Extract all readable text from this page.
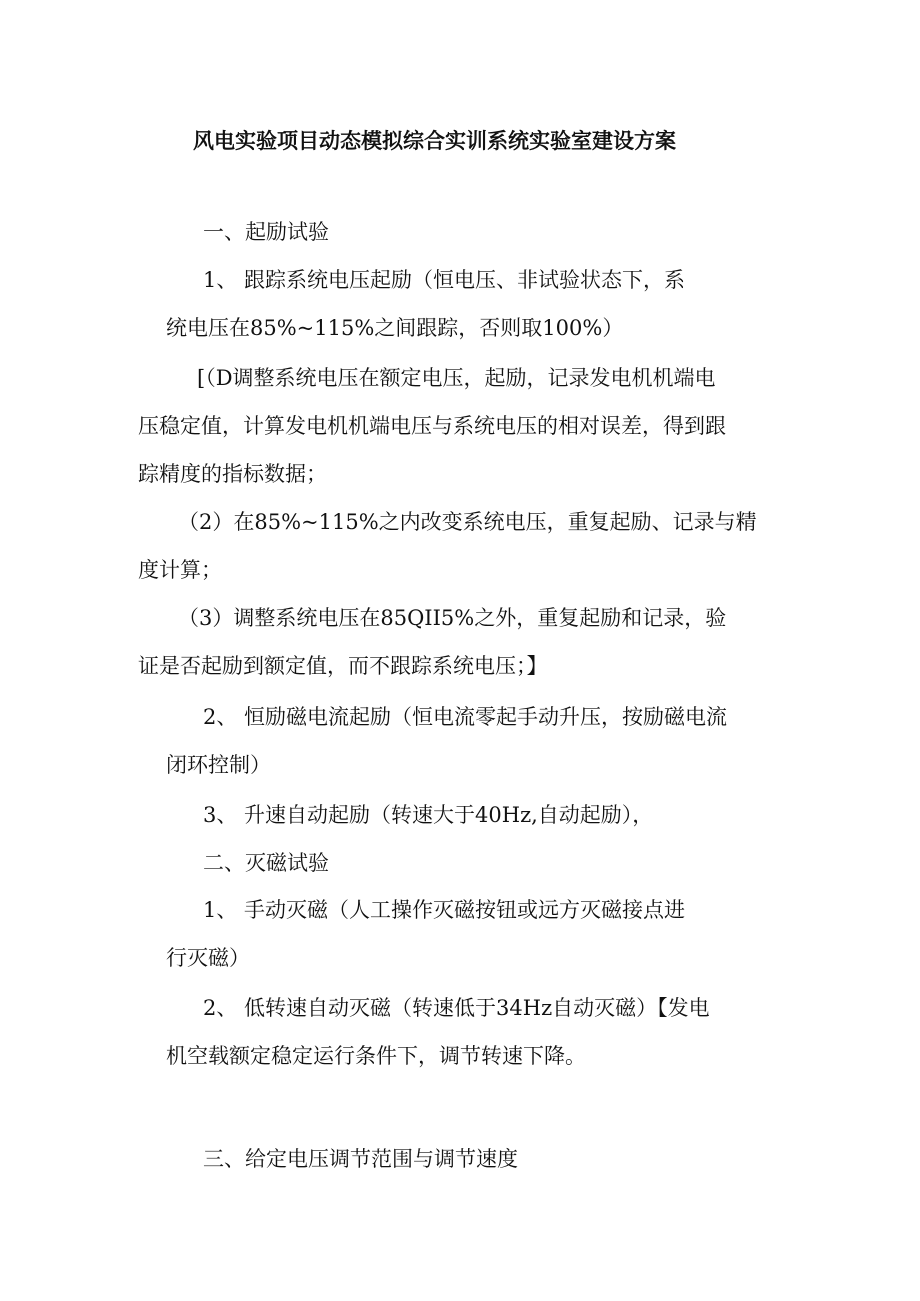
风电实验项目动态模拟综合实训系统实验室建设方案

一、起励试验

1、 跟踪系统电压起励（恒电压、非试验状态下，系

统电压在85%~115%之间跟踪，否则取100%）

[（D调整系统电压在额定电压，起励，记录发电机机端电

压稳定值，计算发电机机端电压与系统电压的相对误差，得到跟

踪精度的指标数据；

（2）在85%~115%之内改变系统电压，重复起励、记录与精

度计算；

（3）调整系统电压在85QII5%之外，重复起励和记录，验

证是否起励到额定值，而不跟踪系统电压；】

2、 恒励磁电流起励（恒电流零起手动升压，按励磁电流

闭环控制）

3、 升速自动起励（转速大于40Hz,自动起励），

二、灭磁试验

1、 手动灭磁（人工操作灭磁按钮或远方灭磁接点进

行灭磁）

2、 低转速自动灭磁（转速低于34Hz自动灭磁）【发电

机空载额定稳定运行条件下，调节转速下降。

三、给定电压调节范围与调节速度
